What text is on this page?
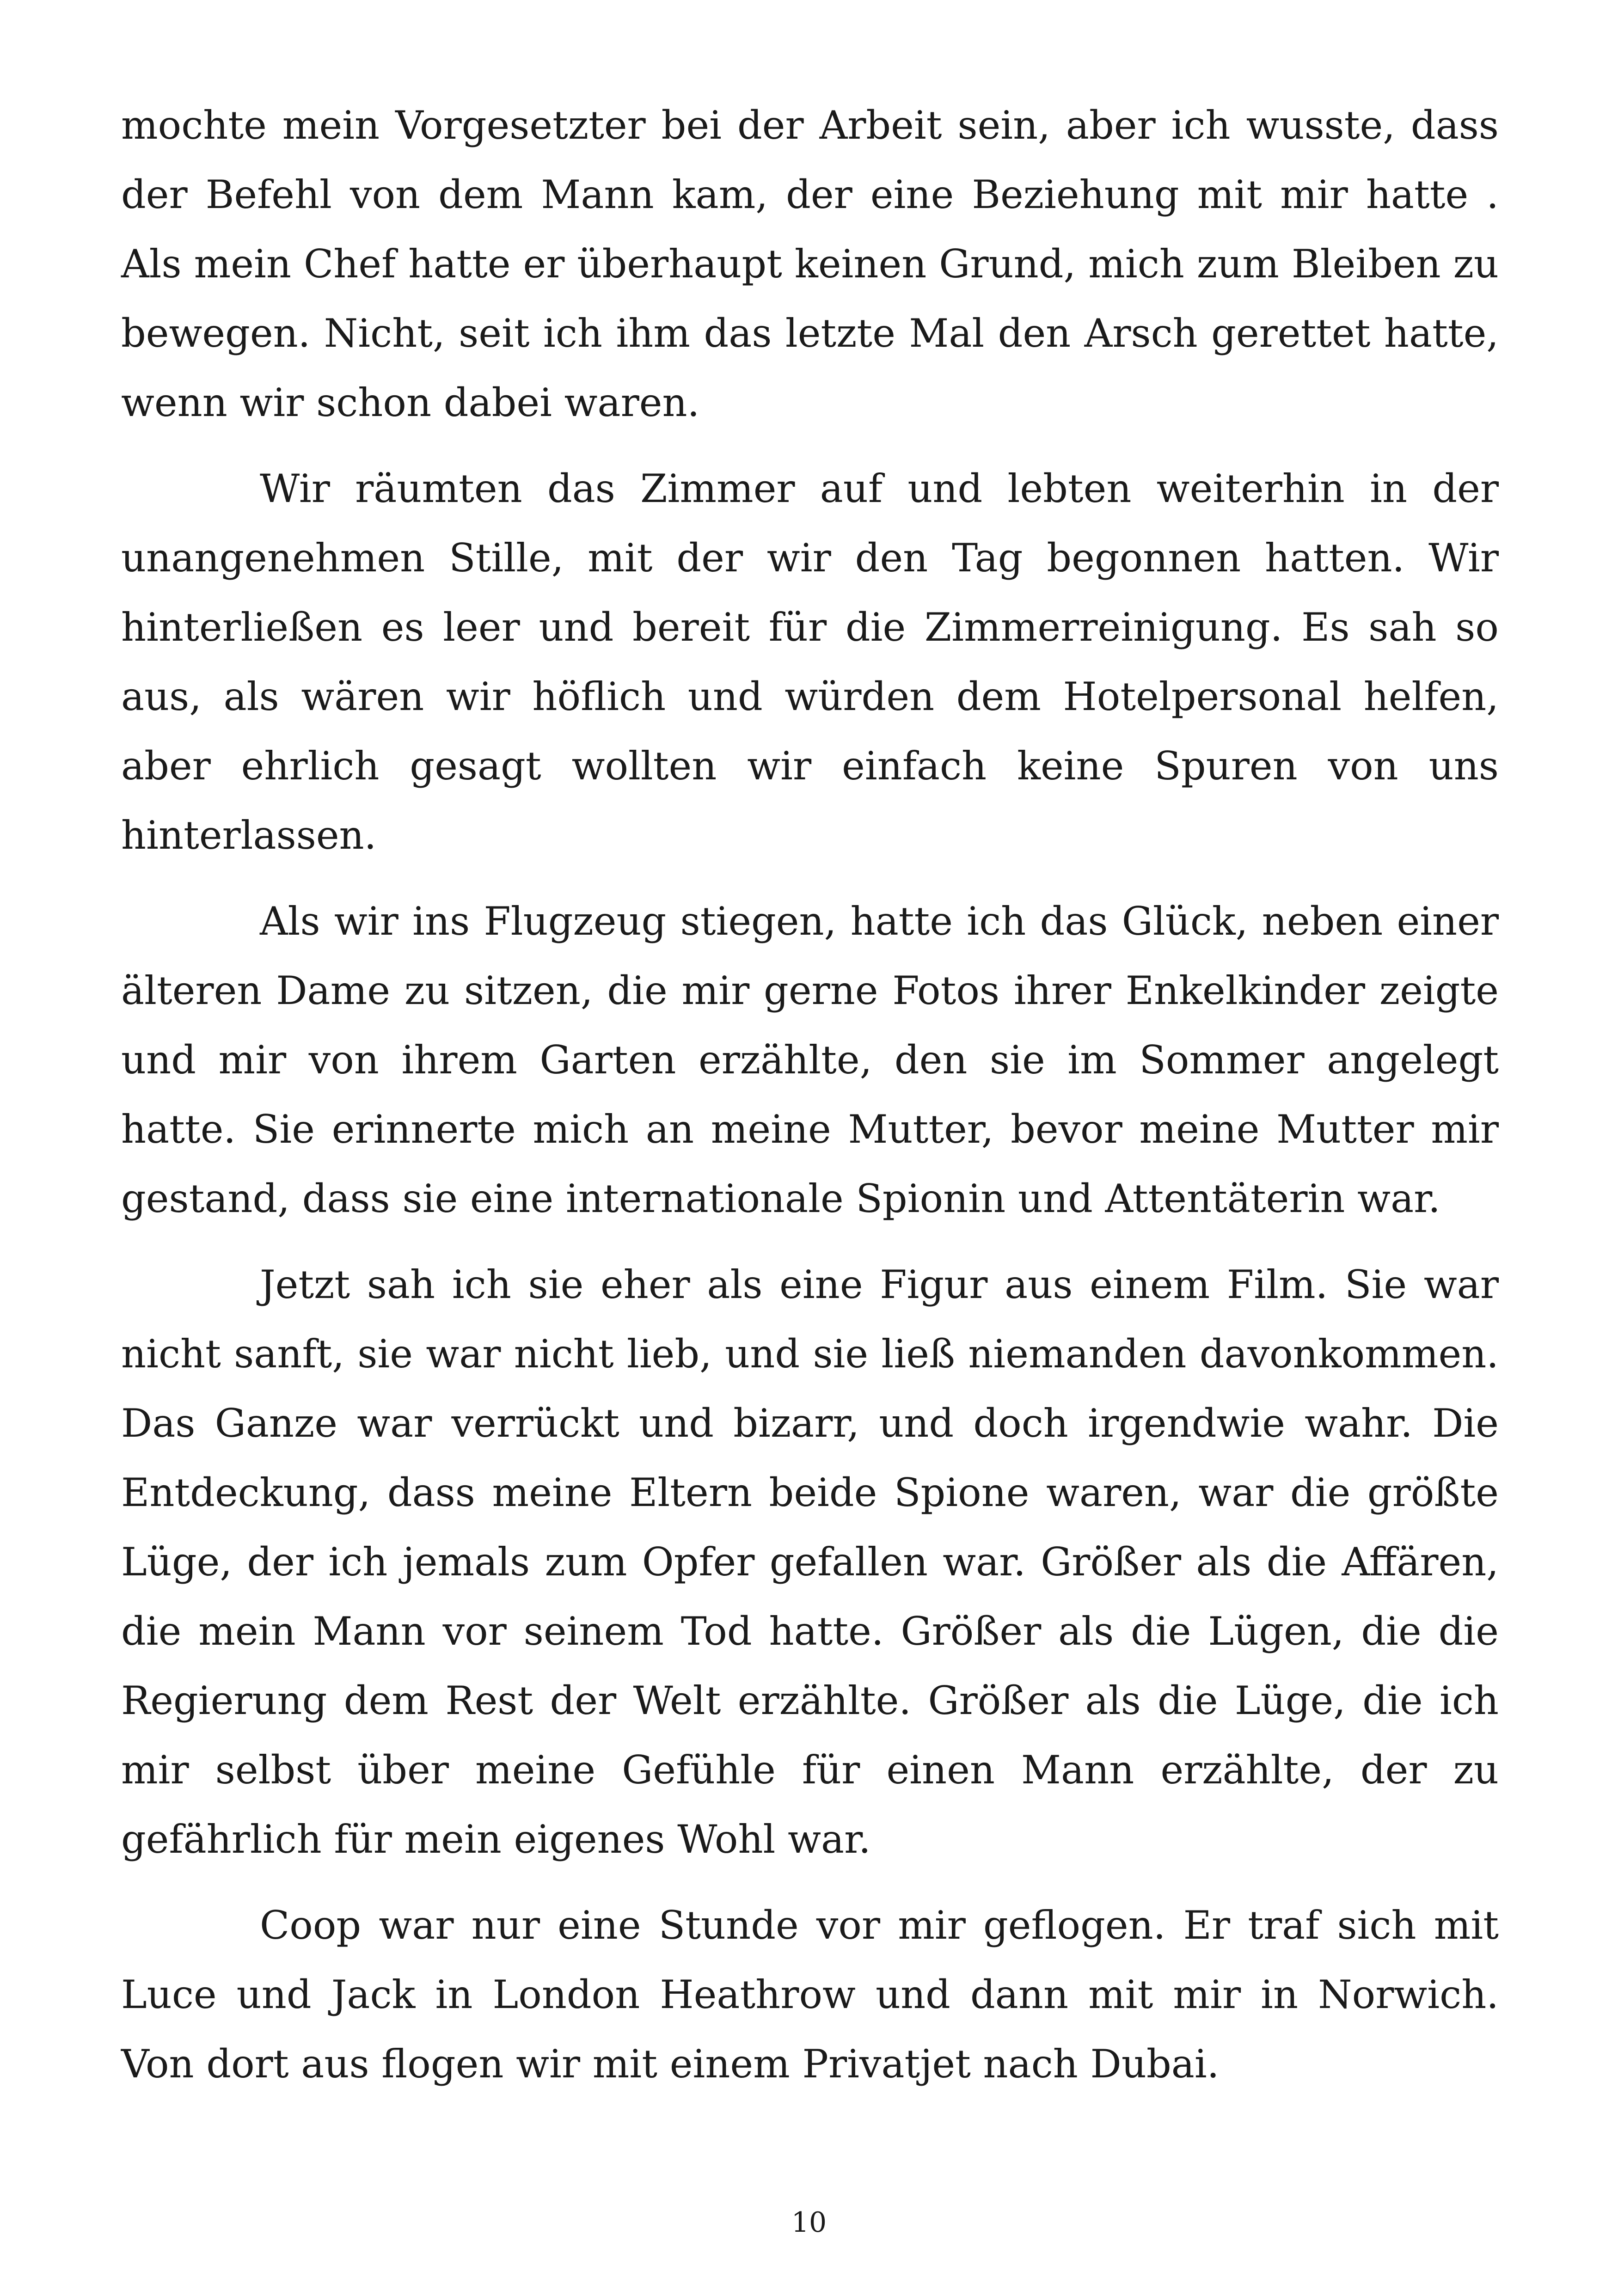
mochte mein Vorgesetzter bei der Arbeit sein, aber ich wusste, dass der Befehl von dem Mann kam, der eine Beziehung mit mir hatte . Als mein Chef hatte er überhaupt keinen Grund, mich zum Bleiben zu bewegen. Nicht, seit ich ihm das letzte Mal den Arsch gerettet hatte, wenn wir schon dabei waren.

Wir räumten das Zimmer auf und lebten weiterhin in der unangenehmen Stille, mit der wir den Tag begonnen hatten. Wir hinterließen es leer und bereit für die Zimmerreinigung. Es sah so aus, als wären wir höflich und würden dem Hotelpersonal helfen, aber ehrlich gesagt wollten wir einfach keine Spuren von uns hinterlassen.

Als wir ins Flugzeug stiegen, hatte ich das Glück, neben einer älteren Dame zu sitzen, die mir gerne Fotos ihrer Enkelkinder zeigte und mir von ihrem Garten erzählte, den sie im Sommer angelegt hatte. Sie erinnerte mich an meine Mutter, bevor meine Mutter mir gestand, dass sie eine internationale Spionin und Attentäterin war.

Jetzt sah ich sie eher als eine Figur aus einem Film. Sie war nicht sanft, sie war nicht lieb, und sie ließ niemanden davonkommen. Das Ganze war verrückt und bizarr, und doch irgendwie wahr. Die Entdeckung, dass meine Eltern beide Spione waren, war die größte Lüge, der ich jemals zum Opfer gefallen war. Größer als die Affären, die mein Mann vor seinem Tod hatte. Größer als die Lügen, die die Regierung dem Rest der Welt erzählte. Größer als die Lüge, die ich mir selbst über meine Gefühle für einen Mann erzählte, der zu gefährlich für mein eigenes Wohl war.

Coop war nur eine Stunde vor mir geflogen. Er traf sich mit Luce und Jack in London Heathrow und dann mit mir in Norwich. Von dort aus flogen wir mit einem Privatjet nach Dubai.

10
